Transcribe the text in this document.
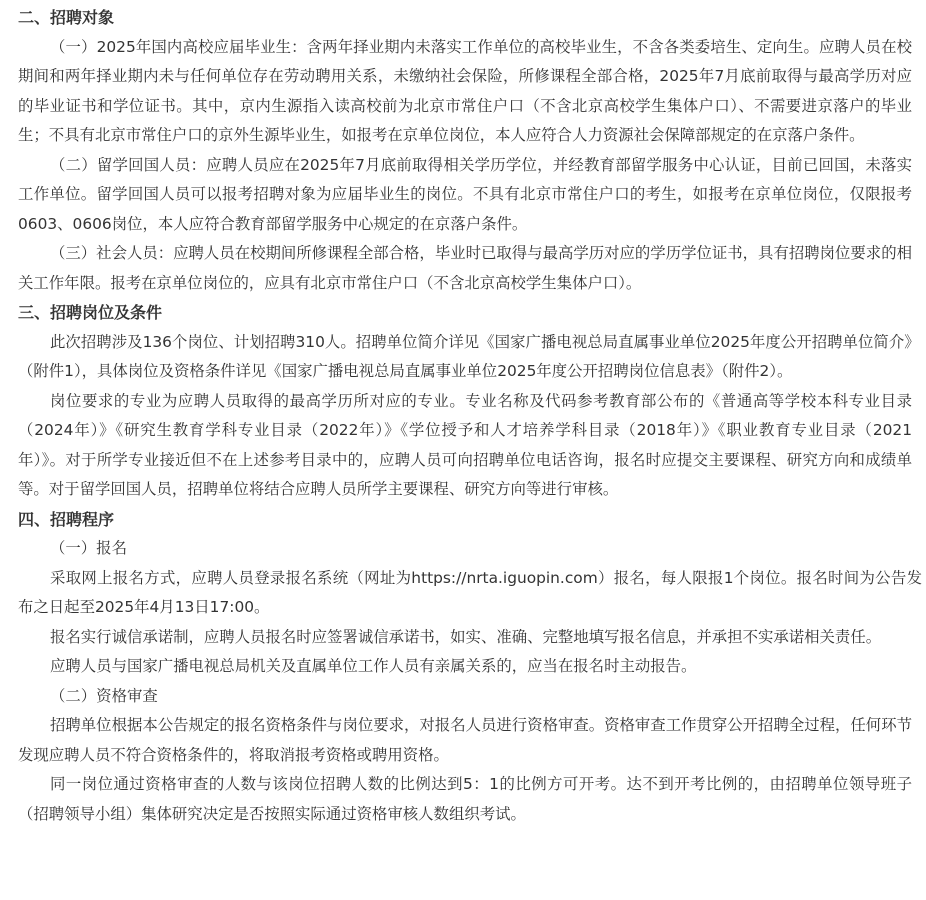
二、招聘对象

（一）2025年国内高校应届毕业生：含两年择业期内未落实工作单位的高校毕业生，不含各类委培生、定向生。应聘人员在校期间和两年择业期内未与任何单位存在劳动聘用关系，未缴纳社会保险，所修课程全部合格，2025年7月底前取得与最高学历对应的毕业证书和学位证书。其中，京内生源指入读高校前为北京市常住户口（不含北京高校学生集体户口）、不需要进京落户的毕业生；不具有北京市常住户口的京外生源毕业生，如报考在京单位岗位，本人应符合人力资源社会保障部规定的在京落户条件。

（二）留学回国人员：应聘人员应在2025年7月底前取得相关学历学位，并经教育部留学服务中心认证，目前已回国，未落实工作单位。留学回国人员可以报考招聘对象为应届毕业生的岗位。不具有北京市常住户口的考生，如报考在京单位岗位，仅限报考0603、0606岗位，本人应符合教育部留学服务中心规定的在京落户条件。

（三）社会人员：应聘人员在校期间所修课程全部合格，毕业时已取得与最高学历对应的学历学位证书，具有招聘岗位要求的相关工作年限。报考在京单位岗位的，应具有北京市常住户口（不含北京高校学生集体户口）。

三、招聘岗位及条件

此次招聘涉及136个岗位、计划招聘310人。招聘单位简介详见《国家广播电视总局直属事业单位2025年度公开招聘单位简介》（附件1），具体岗位及资格条件详见《国家广播电视总局直属事业单位2025年度公开招聘岗位信息表》（附件2）。

岗位要求的专业为应聘人员取得的最高学历所对应的专业。专业名称及代码参考教育部公布的《普通高等学校本科专业目录（2024年）》《研究生教育学科专业目录（2022年）》《学位授予和人才培养学科目录（2018年）》《职业教育专业目录（2021年）》。对于所学专业接近但不在上述参考目录中的，应聘人员可向招聘单位电话咨询，报名时应提交主要课程、研究方向和成绩单等。对于留学回国人员，招聘单位将结合应聘人员所学主要课程、研究方向等进行审核。

四、招聘程序

（一）报名

采取网上报名方式，应聘人员登录报名系统（网址为https://nrta.iguopin.com）报名，每人限报1个岗位。报名时间为公告发布之日起至2025年4月13日17:00。

报名实行诚信承诺制，应聘人员报名时应签署诚信承诺书，如实、准确、完整地填写报名信息，并承担不实承诺相关责任。

应聘人员与国家广播电视总局机关及直属单位工作人员有亲属关系的，应当在报名时主动报告。

（二）资格审查

招聘单位根据本公告规定的报名资格条件与岗位要求，对报名人员进行资格审查。资格审查工作贯穿公开招聘全过程，任何环节发现应聘人员不符合资格条件的，将取消报考资格或聘用资格。

同一岗位通过资格审查的人数与该岗位招聘人数的比例达到5：1的比例方可开考。达不到开考比例的，由招聘单位领导班子（招聘领导小组）集体研究决定是否按照实际通过资格审核人数组织考试。
